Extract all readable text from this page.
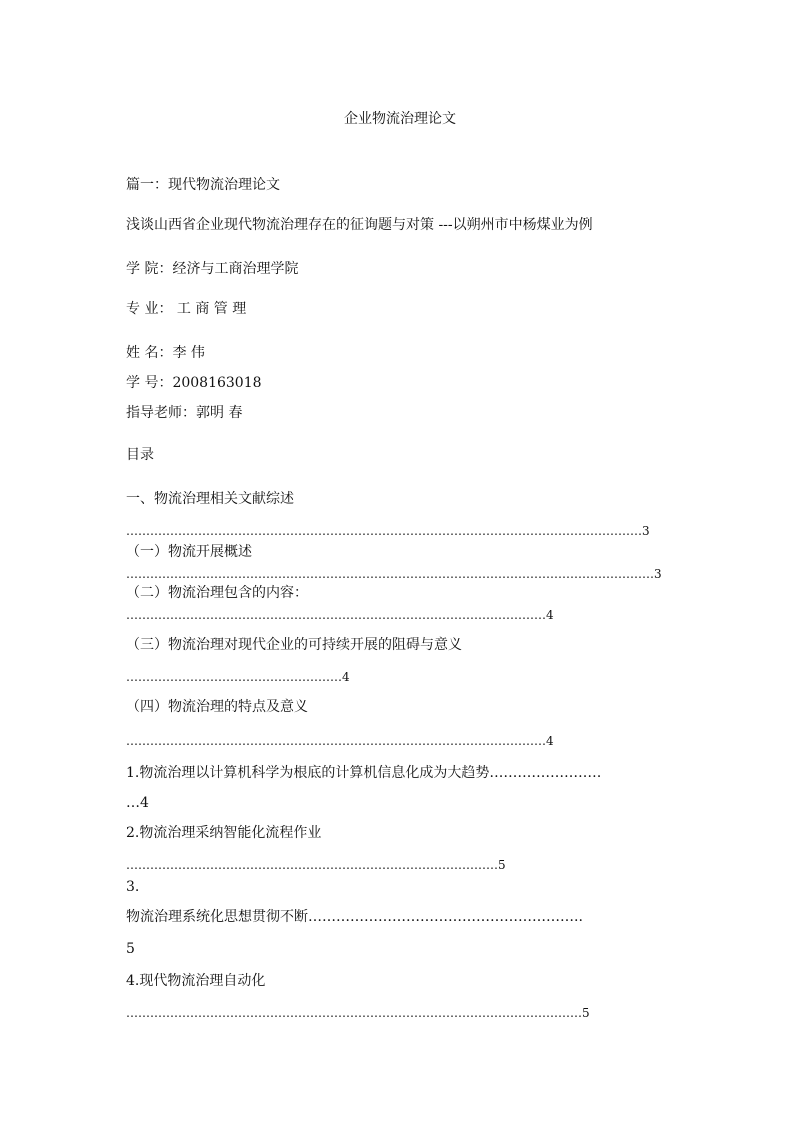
企业物流治理论文
篇一：现代物流治理论文
浅谈山西省企业现代物流治理存在的征询题与对策 ---以朔州市中杨煤业为例
学 院：经济与工商治理学院
专 业： 工 商 管 理
姓 名：李 伟
学 号：2008163018
指导老师：郭明 春
目录
一、物流治理相关文献综述
…………………………………………………………………………………………………………………3
（一）物流开展概述
……………………………………………………………………………………………………………………3
（二）物流治理包含的内容：
……………………………………………………………………………………………4
（三）物流治理对现代企业的可持续开展的阻碍与意义
………………………………………………4
（四）物流治理的特点及意义
……………………………………………………………………………………………4
1.物流治理以计算机科学为根底的计算机信息化成为大趋势……………………
…4
2.物流治理采纳智能化流程作业
…………………………………………………………………………………5
3.
物流治理系统化思想贯彻不断…………………………………………………..
5
4.现代物流治理自动化
……………………………………………………………………………………………………5
